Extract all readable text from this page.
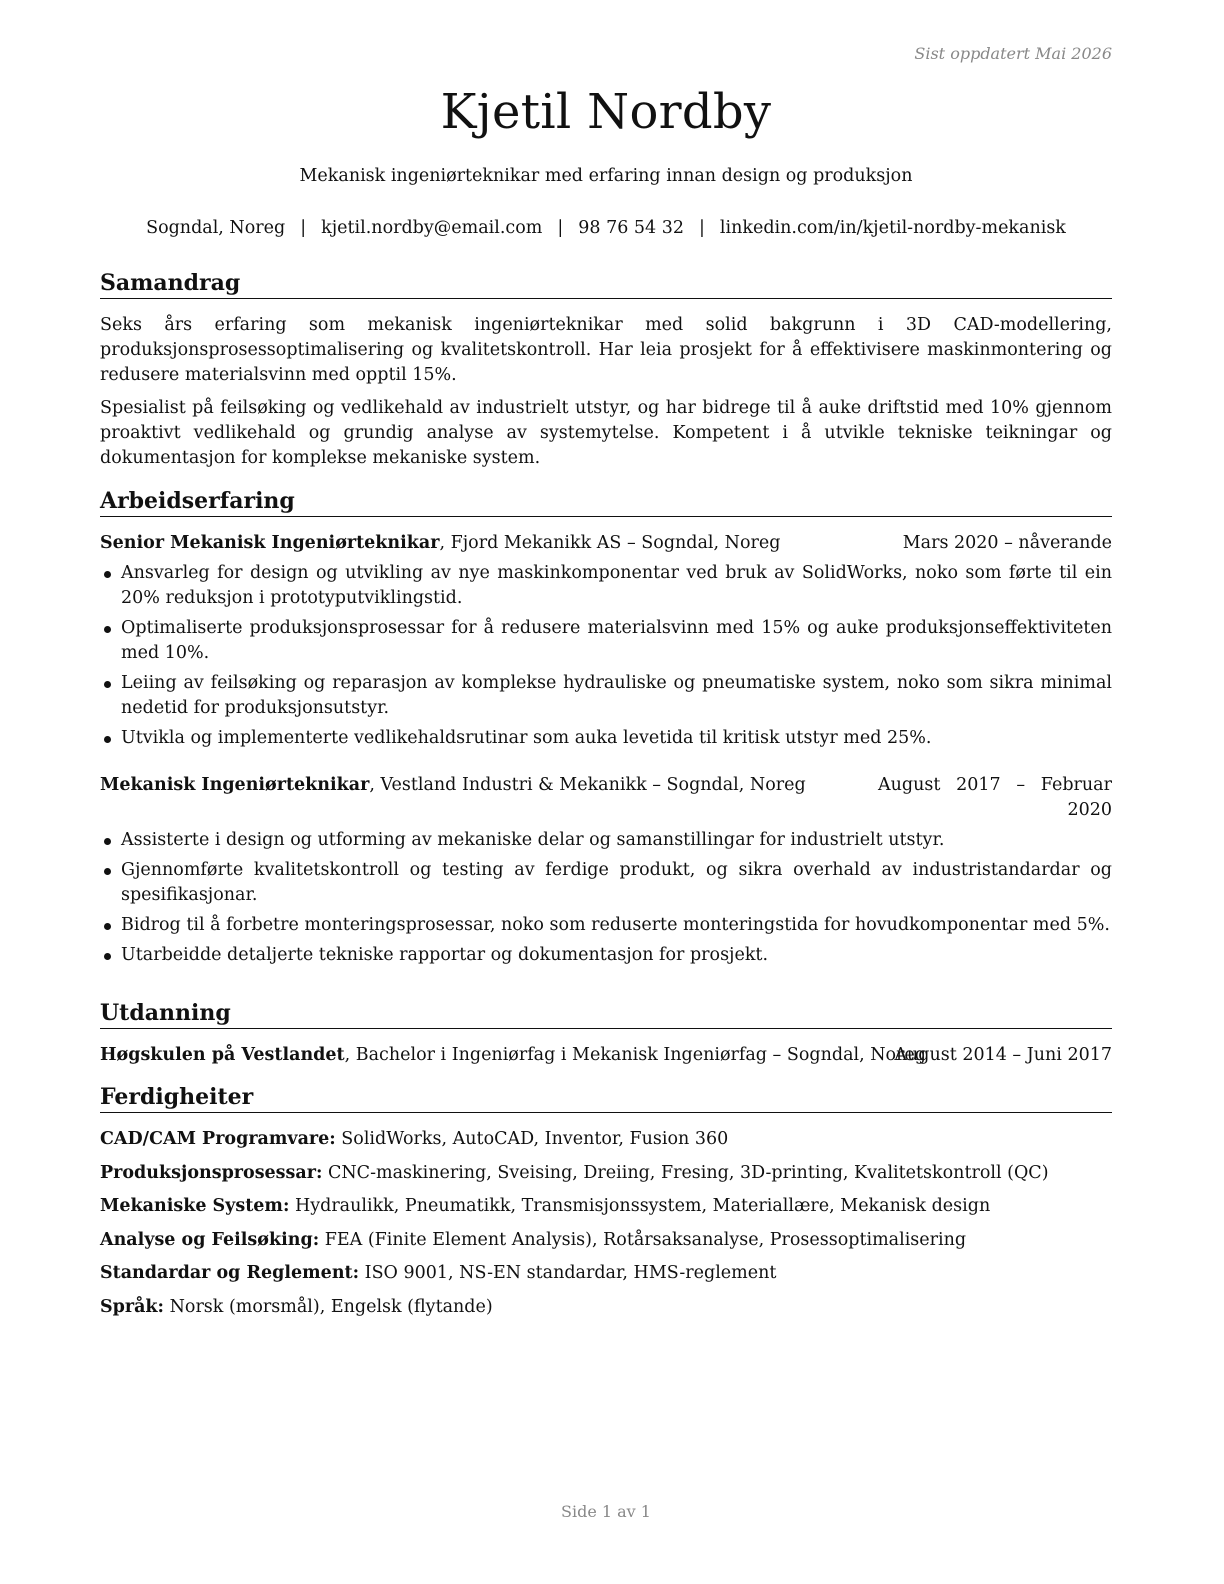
Sist oppdatert Mai 2026
Kjetil Nordby
Mekanisk ingeniørteknikar med erfaring innan design og produksjon
Sogndal, Noreg | kjetil.nordby@email.com | 98 76 54 32 | linkedin.com/in/kjetil-nordby-mekanisk
Samandrag

Seks års erfaring som mekanisk ingeniørteknikar med solid bakgrunn i 3D CAD-modellering, produksjonsprosessoptimalisering og kvalitetskontroll. Har leia prosjekt for å effektivisere maskinmontering og redusere materialsvinn med opptil 15%.

Spesialist på feilsøking og vedlikehald av industrielt utstyr, og har bidrege til å auke driftstid med 10% gjennom proaktivt vedlikehald og grundig analyse av systemytelse. Kompetent i å utvikle tekniske teikningar og dokumentasjon for komplekse mekaniske system.

Arbeidserfaring
Senior Mekanisk Ingeniørteknikar, Fjord Mekanikk AS – Sogndal, Noreg	Mars 2020 – nåverande
Ansvarleg for design og utvikling av nye maskinkomponentar ved bruk av SolidWorks, noko som førte til ein 20% reduksjon i prototyputviklingstid.
Optimaliserte produksjonsprosessar for å redusere materialsvinn med 15% og auke produksjonseffektiviteten med 10%.
Leiing av feilsøking og reparasjon av komplekse hydrauliske og pneumatiske system, noko som sikra minimal nedetid for produksjonsutstyr.
Utvikla og implementerte vedlikehaldsrutinar som auka levetida til kritisk utstyr med 25%.
Mekanisk Ingeniørteknikar, Vestland Industri & Mekanikk – Sogndal, Noreg	August 2017 – Februar
2020
Assisterte i design og utforming av mekaniske delar og samanstillingar for industrielt utstyr.
Gjennomførte kvalitetskontroll og testing av ferdige produkt, og sikra overhald av industristandardar og spesifikasjonar.
Bidrog til å forbetre monteringsprosessar, noko som reduserte monteringstida for hovudkomponentar med 5%.
Utarbeidde detaljerte tekniske rapportar og dokumentasjon for prosjekt.
Utdanning
Høgskulen på Vestlandet, Bachelor i Ingeniørfag i Mekanisk Ingeniørfag – Sogndal, Noreg
August 2014 – Juni 2017
Ferdigheiter
CAD/CAM Programvare: SolidWorks, AutoCAD, Inventor, Fusion 360
Produksjonsprosessar: CNC-maskinering, Sveising, Dreiing, Fresing, 3D-printing, Kvalitetskontroll (QC)
Mekaniske System: Hydraulikk, Pneumatikk, Transmisjonssystem, Materiallære, Mekanisk design
Analyse og Feilsøking: FEA (Finite Element Analysis), Rotårsaksanalyse, Prosessoptimalisering
Standardar og Reglement: ISO 9001, NS-EN standardar, HMS-reglement
Språk: Norsk (morsmål), Engelsk (flytande)
Side 1 av 1
